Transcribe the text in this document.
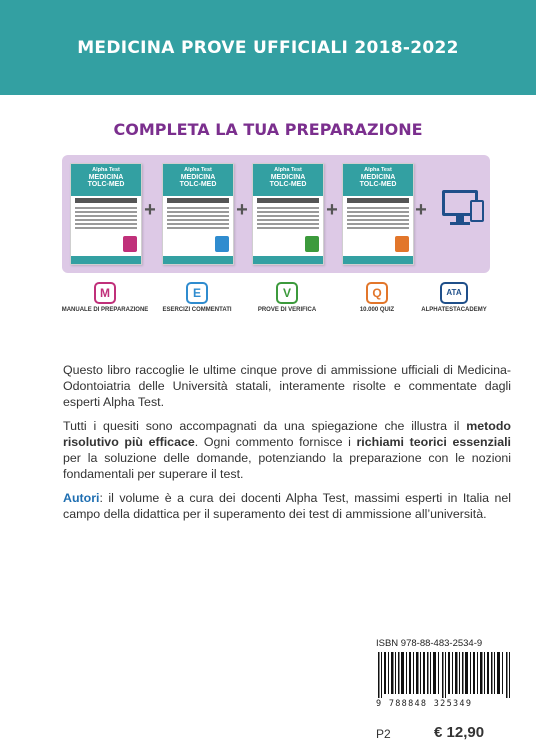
MEDICINA PROVE UFFICIALI 2018-2022
COMPLETA LA TUA PREPARAZIONE
Alpha Test
MEDICINA
TOLC-MED
+
Alpha Test
MEDICINA
TOLC-MED
+
Alpha Test
MEDICINA
TOLC-MED
+
Alpha Test
MEDICINA
TOLC-MED
+
M
MANUALE DI PREPARAZIONE
E
ESERCIZI COMMENTATI
V
PROVE DI VERIFICA
Q
10.000 QUIZ
ATA
ALPHATESTACADEMY

Questo libro raccoglie le ultime cinque prove di ammissione ufficiali di Medicina-Odontoiatria delle Università statali, interamente risolte e commentate dagli esperti Alpha Test.

Tutti i quesiti sono accompagnati da una spiegazione che illustra il metodo risolutivo più efficace. Ogni commento fornisce i richiami teorici essenziali per la soluzione delle domande, potenziando la preparazione con le nozioni fondamentali per superare il test.

Autori: il volume è a cura dei docenti Alpha Test, massimi esperti in Italia nel campo della didattica per il superamento dei test di ammissione all’università.

ISBN 978-88-483-2534-9
9 788848 325349
P2	€ 12,90
